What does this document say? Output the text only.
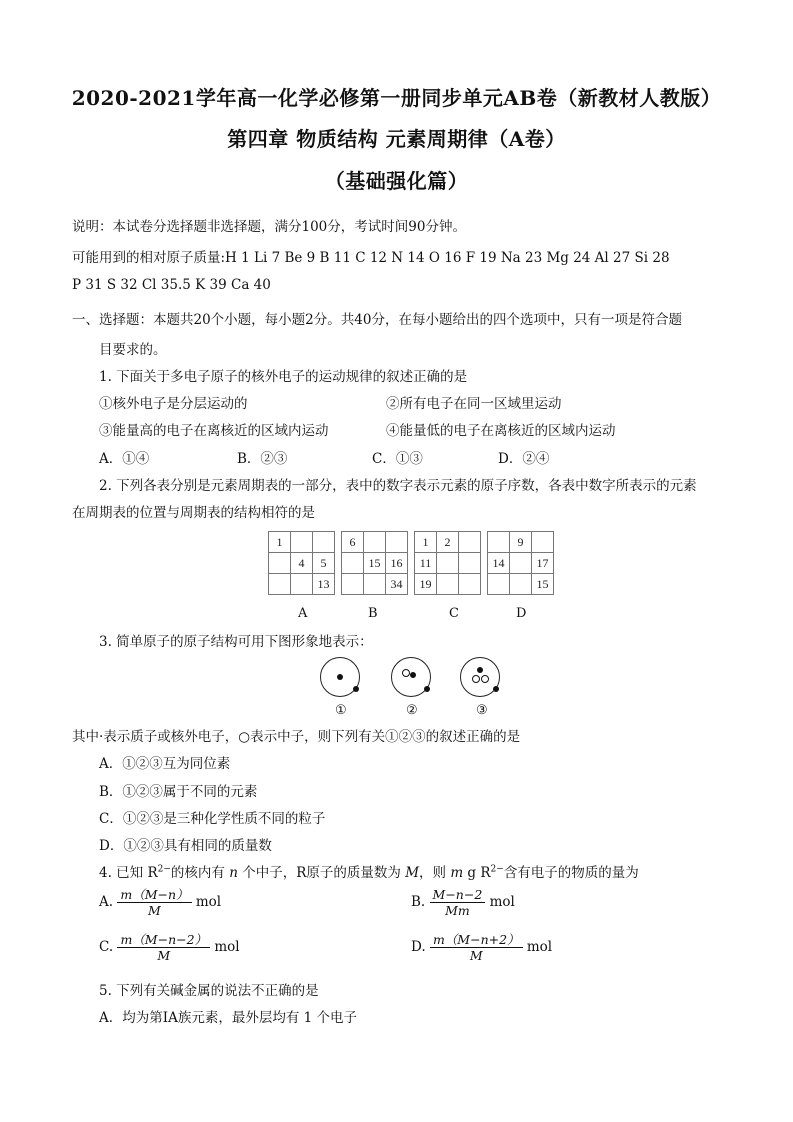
2020-2021学年高一化学必修第一册同步单元AB卷（新教材人教版）
第四章 物质结构 元素周期律（A卷）
（基础强化篇）
说明：本试卷分选择题非选择题，满分100分，考试时间90分钟。
可能用到的相对原子质量:H 1 Li 7 Be 9 B 11 C 12 N 14 O 16 F 19 Na 23 Mg 24 Al 27 Si 28
P 31 S 32 Cl 35.5 K 39 Ca 40
一、选择题：本题共20个小题，每小题2分。共40分，在每小题给出的四个选项中，只有一项是符合题
目要求的。
1. 下面关于多电子原子的核外电子的运动规律的叙述正确的是
①核外电子是分层运动的	②所有电子在同一区域里运动
③能量高的电子在离核近的区域内运动	④能量低的电子在离核近的区域内运动
A．①④	B．②③	C．①③	D．②④
2. 下列各表分别是元素周期表的一部分，表中的数字表示元素的原子序数，各表中数字所表示的元素
在周期表的位置与周期表的结构相符的是
1		
	4	5
		13
6		
	15	16
		34
1	2	
11		
19		
	9	
14		17
		15
A	B	C	D
3. 简单原子的原子结构可用下图形象地表示：
①	②	③
其中·表示质子或核外电子，○表示中子，则下列有关①②③的叙述正确的是
A．①②③互为同位素
B．①②③属于不同的元素
C．①②③是三种化学性质不同的粒子
D．①②③具有相同的质量数
4. 已知 $R^{2-}$的核内有 n 个中子，R原子的质量数为 M，则 m g $R^{2-}$含有电子的物质的量为
A. $\frac{m(M-n)}{M}$ mol	B. $\frac{M-n-2}{Mm}$ mol
C. $\frac{m(M-n-2)}{M}$ mol	D. $\frac{m(M-n+2)}{M}$ mol
5. 下列有关碱金属的说法不正确的是
A．均为第IA族元素，最外层均有 1 个电子
